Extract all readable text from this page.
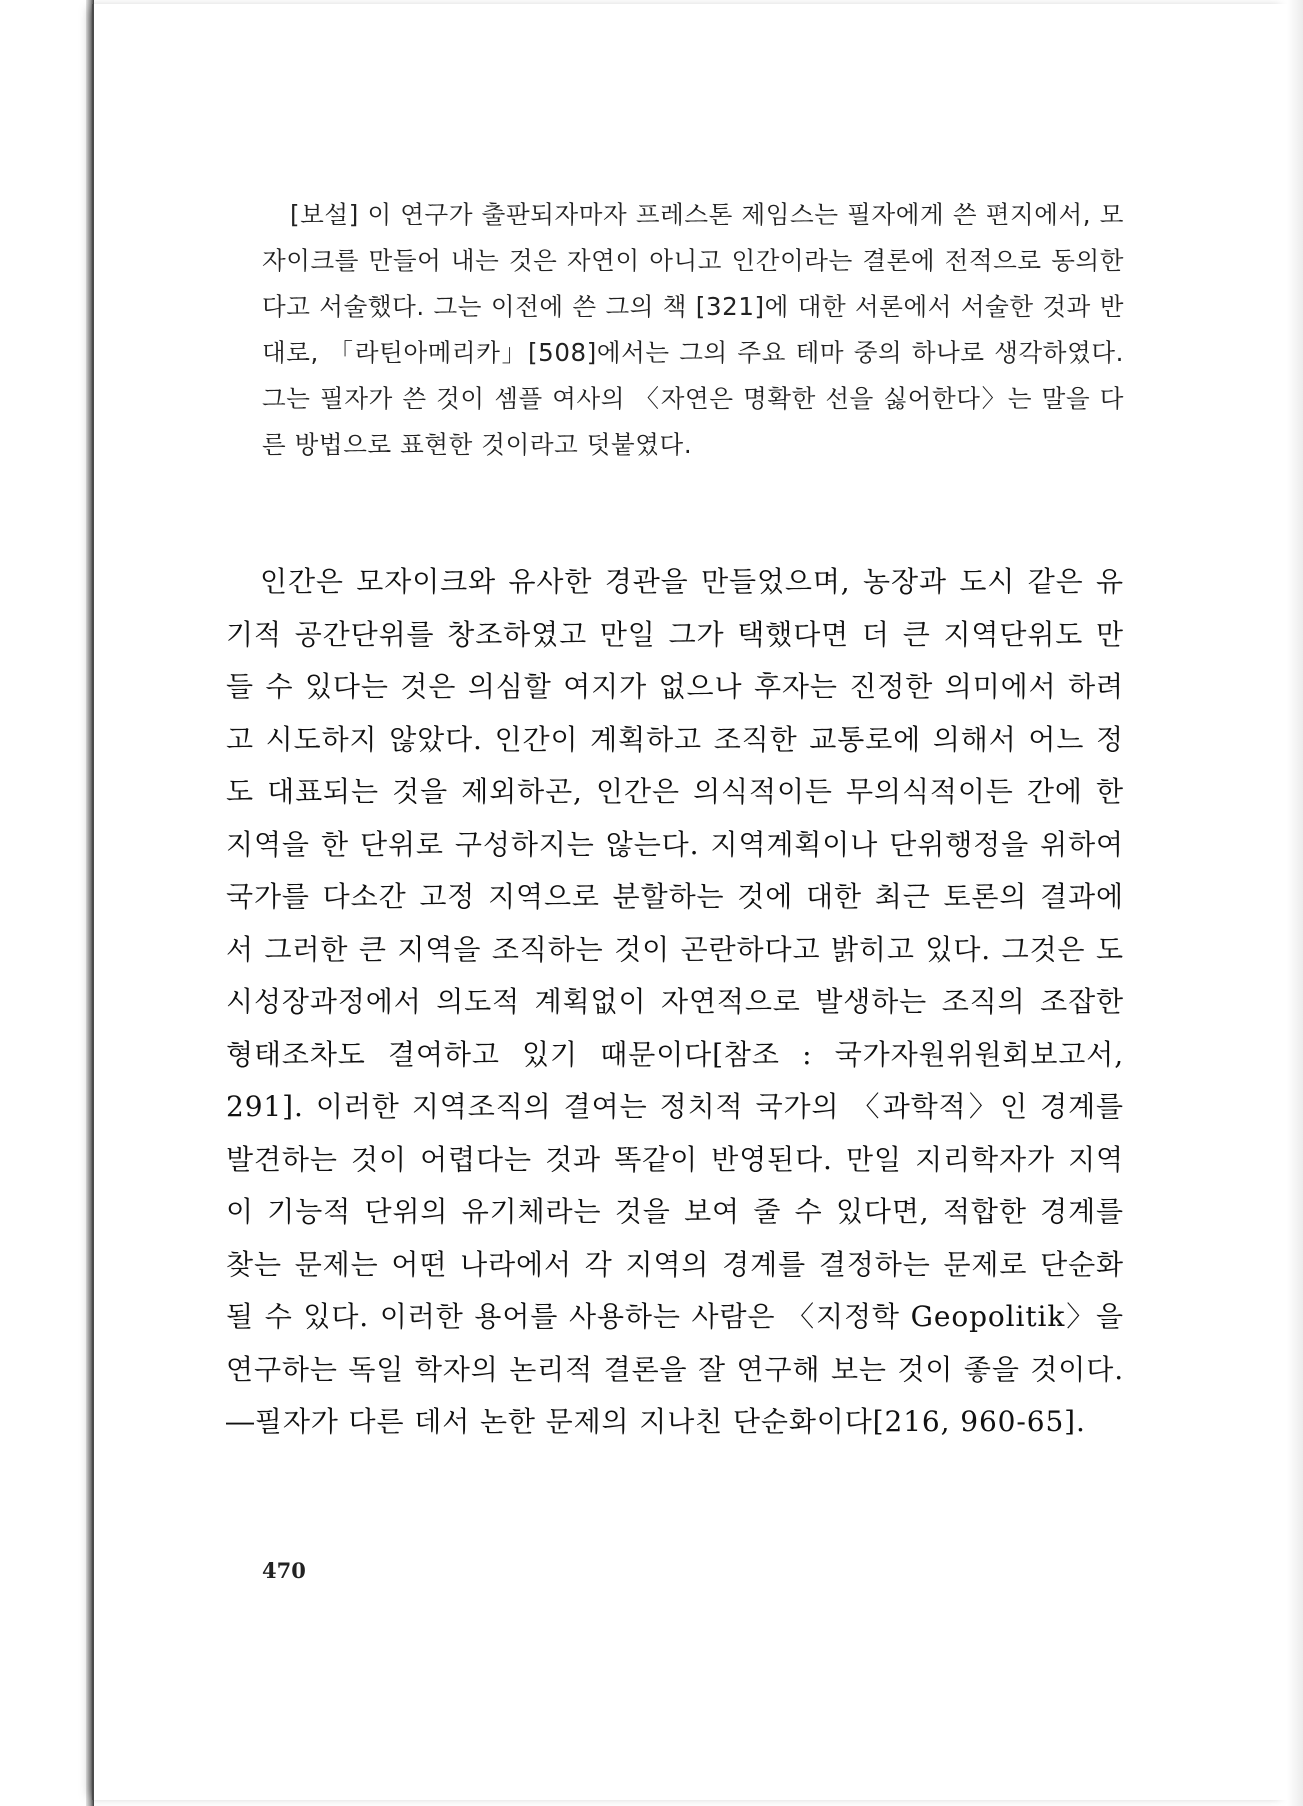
[보설] 이 연구가 출판되자마자 프레스톤 제임스는 필자에게 쓴 편지에서, 모자이크를 만들어 내는 것은 자연이 아니고 인간이라는 결론에 전적으로 동의한다고 서술했다. 그는 이전에 쓴 그의 책 [321]에 대한 서론에서 서술한 것과 반대로, 「라틴아메리카」[508]에서는 그의 주요 테마 중의 하나로 생각하였다. 그는 필자가 쓴 것이 셈플 여사의 〈자연은 명확한 선을 싫어한다〉는 말을 다른 방법으로 표현한 것이라고 덧붙였다.

인간은 모자이크와 유사한 경관을 만들었으며, 농장과 도시 같은 유기적 공간단위를 창조하였고 만일 그가 택했다면 더 큰 지역단위도 만들 수 있다는 것은 의심할 여지가 없으나 후자는 진정한 의미에서 하려고 시도하지 않았다. 인간이 계획하고 조직한 교통로에 의해서 어느 정도 대표되는 것을 제외하곤, 인간은 의식적이든 무의식적이든 간에 한 지역을 한 단위로 구성하지는 않는다. 지역계획이나 단위행정을 위하여 국가를 다소간 고정 지역으로 분할하는 것에 대한 최근 토론의 결과에서 그러한 큰 지역을 조직하는 것이 곤란하다고 밝히고 있다. 그것은 도시성장과정에서 의도적 계획없이 자연적으로 발생하는 조직의 조잡한 형태조차도 결여하고 있기 때문이다[참조 : 국가자원위원회보고서, 291]. 이러한 지역조직의 결여는 정치적 국가의 〈과학적〉인 경계를 발견하는 것이 어렵다는 것과 똑같이 반영된다. 만일 지리학자가 지역이 기능적 단위의 유기체라는 것을 보여 줄 수 있다면, 적합한 경계를 찾는 문제는 어떤 나라에서 각 지역의 경계를 결정하는 문제로 단순화될 수 있다. 이러한 용어를 사용하는 사람은 〈지정학 Geopolitik〉을 연구하는 독일 학자의 논리적 결론을 잘 연구해 보는 것이 좋을 것이다. ―필자가 다른 데서 논한 문제의 지나친 단순화이다[216, 960-65].

470
